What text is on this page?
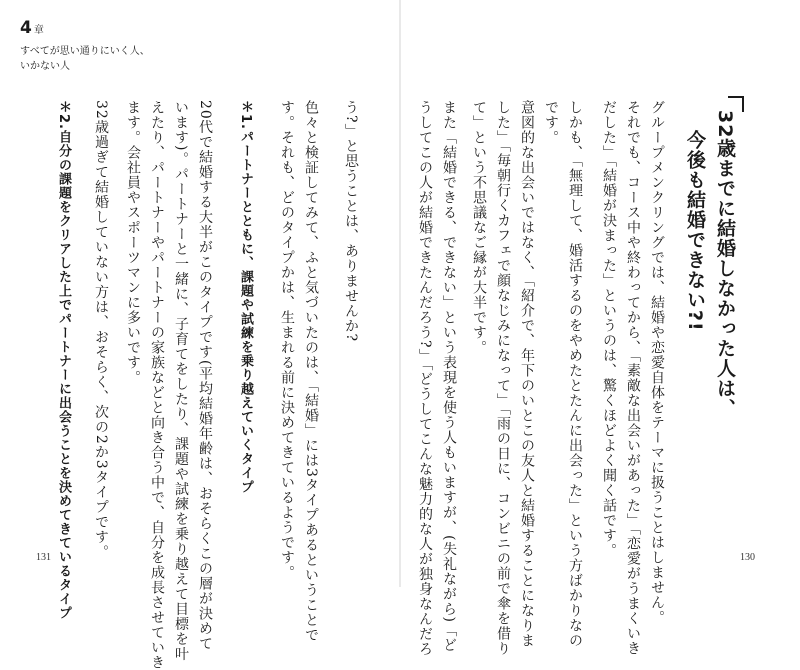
4 章
すべてが思い通りにいく人、
いかない人
う?」と思うことは、ありませんか?
色々と検証してみて、ふと気づいたのは、「結婚」には3タイプあるということで
す。それも、どのタイプかは、生まれる前に決めてきているようです。
＊1.パートナーとともに、課題や試練を乗り越えていくタイプ
20代で結婚する大半がこのタイプです(平均結婚年齢は、おそらくこの層が決めて
います)。パートナーと一緒に、子育てをしたり、課題や試練を乗り越えて目標を叶
えたり、パートナーやパートナーの家族などと向き合う中で、自分を成長させていき
ます。会社員やスポーツマンに多いです。
32歳過ぎて結婚していない方は、おそらく、次の2か3タイプです。
＊2.自分の課題をクリアした上でパートナーに出会うことを決めてきているタイプ	32歳までに結婚しなかった人は、
今後も結婚できない?!
グループメンクリングでは、結婚や恋愛自体をテーマに扱うことはしません。
それでも、コース中や終わってから、「素敵な出会いがあった」「恋愛がうまくいき
だした」「結婚が決まった」というのは、驚くほどよく聞く話です。
しかも、「無理して、婚活するのをやめたとたんに出会った」という方ばかりなの
です。
意図的な出会いではなく、「紹介で、年下のいとこの友人と結婚することになりま
した」「毎朝行くカフェで顔なじみになって」「雨の日に、コンビニの前で傘を借り
て」という不思議なご縁が大半です。
また「結婚できる、できない」という表現を使う人もいますが、(失礼ながら)「ど
うしてこの人が結婚できたんだろう?」「どうしてこんな魅力的な人が独身なんだろ
131	130
